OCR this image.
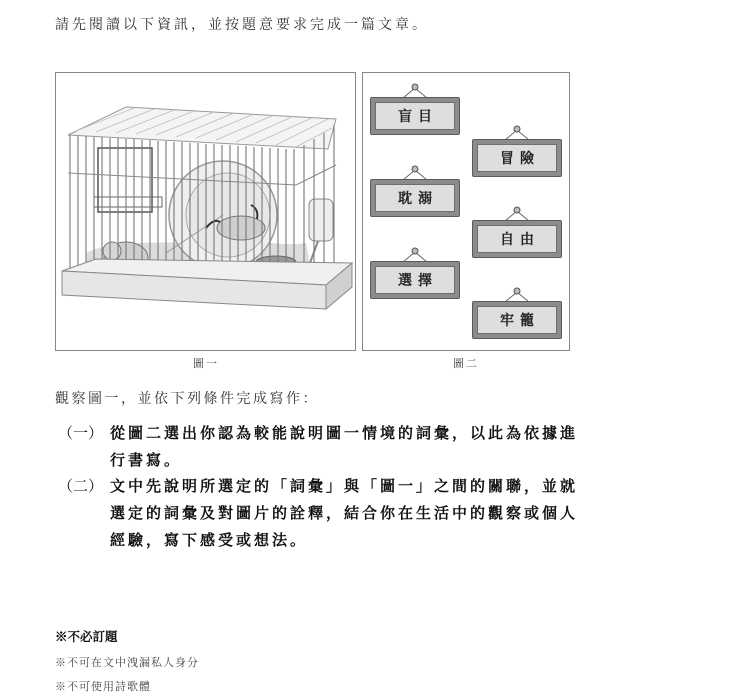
請先閱讀以下資訊，並按題意要求完成一篇文章。
圖一
盲目
冒險
耽溺
自由
選擇
牢籠
圖二
觀察圖一，並依下列條件完成寫作：
（一） 從圖二選出你認為較能說明圖一情境的詞彙，以此為依據進行書寫。
（二） 文中先說明所選定的「詞彙」與「圖一」之間的關聯，並就選定的詞彙及對圖片的詮釋，結合你在生活中的觀察或個人經驗，寫下感受或想法。
※不必訂題
※不可在文中洩漏私人身分
※不可使用詩歌體
